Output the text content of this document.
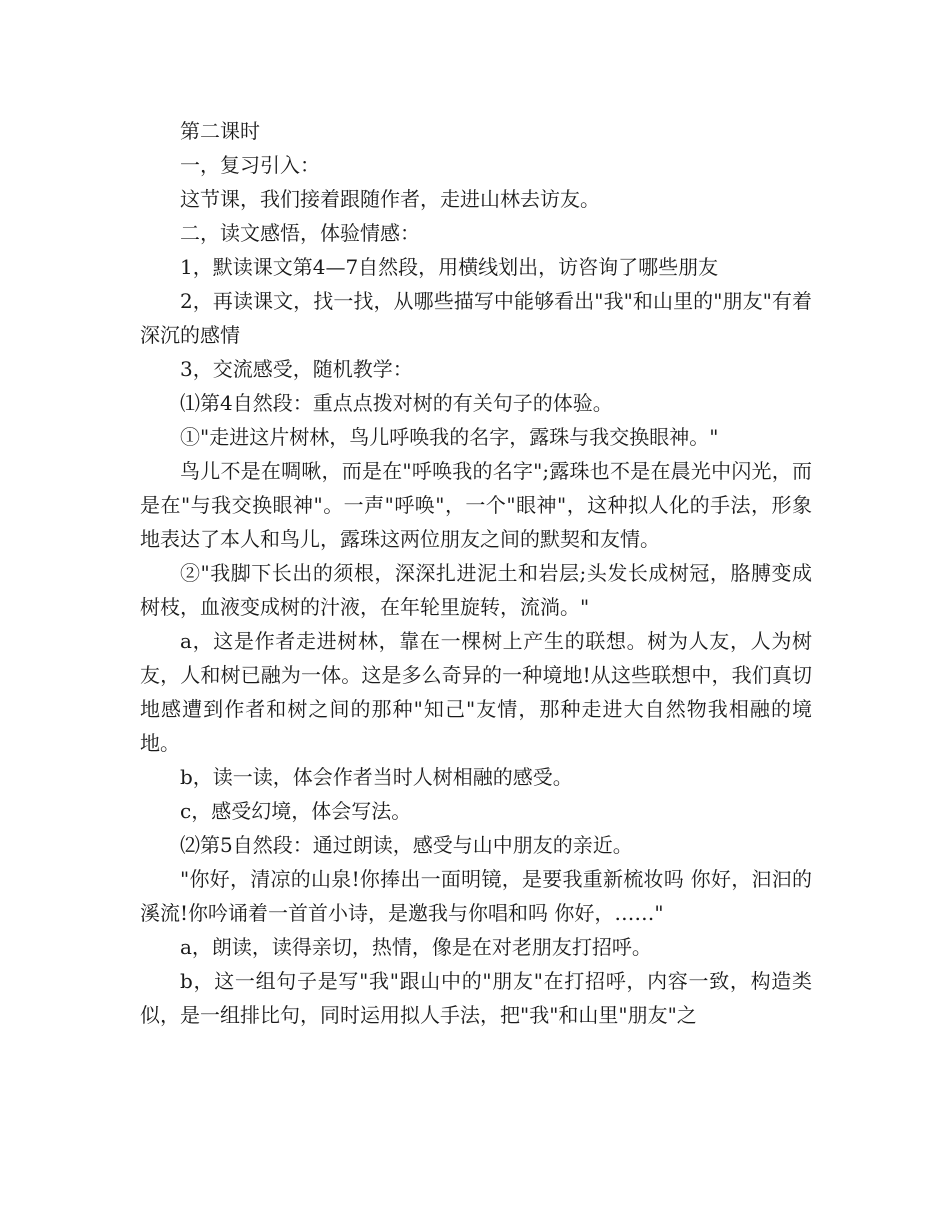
第二课时

一，复习引入：

这节课，我们接着跟随作者，走进山林去访友。

二，读文感悟，体验情感：

1，默读课文第4—7自然段，用横线划出，访咨询了哪些朋友

2，再读课文，找一找，从哪些描写中能够看出"我"和山里的"朋友"有着深沉的感情

3，交流感受，随机教学：

⑴第4自然段：重点点拨对树的有关句子的体验。

①"走进这片树林，鸟儿呼唤我的名字，露珠与我交换眼神。"

鸟儿不是在啁啾，而是在"呼唤我的名字";露珠也不是在晨光中闪光，而是在"与我交换眼神"。一声"呼唤"，一个"眼神"，这种拟人化的手法，形象地表达了本人和鸟儿，露珠这两位朋友之间的默契和友情。

②"我脚下长出的须根，深深扎进泥土和岩层;头发长成树冠，胳膊变成树枝，血液变成树的汁液，在年轮里旋转，流淌。"

a，这是作者走进树林，靠在一棵树上产生的联想。树为人友，人为树友，人和树已融为一体。这是多么奇异的一种境地!从这些联想中，我们真切地感遭到作者和树之间的那种"知己"友情，那种走进大自然物我相融的境地。

b，读一读，体会作者当时人树相融的感受。

c，感受幻境，体会写法。

⑵第5自然段：通过朗读，感受与山中朋友的亲近。

"你好，清凉的山泉!你捧出一面明镜，是要我重新梳妆吗 你好，汩汩的溪流!你吟诵着一首首小诗，是邀我与你唱和吗 你好，……"

a，朗读，读得亲切，热情，像是在对老朋友打招呼。

b，这一组句子是写"我"跟山中的"朋友"在打招呼，内容一致，构造类似，是一组排比句，同时运用拟人手法，把"我"和山里"朋友"之
